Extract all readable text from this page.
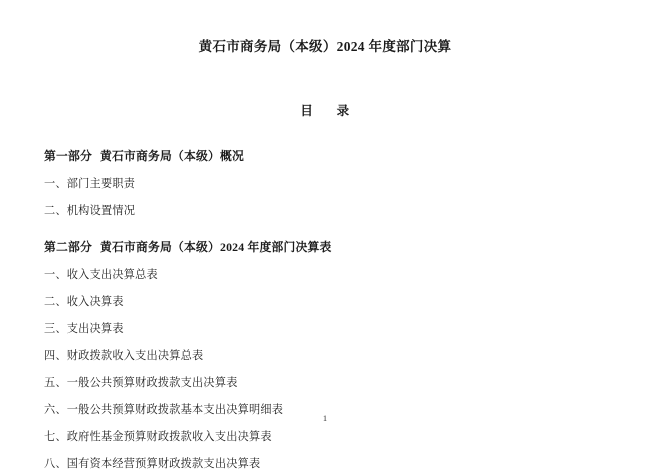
黄石市商务局（本级）2024 年度部门决算
目 录
第一部分 黄石市商务局（本级）概况
一、部门主要职责
二、机构设置情况
第二部分 黄石市商务局（本级）2024 年度部门决算表
一、收入支出决算总表
二、收入决算表
三、支出决算表
四、财政拨款收入支出决算总表
五、一般公共预算财政拨款支出决算表
六、一般公共预算财政拨款基本支出决算明细表
七、政府性基金预算财政拨款收入支出决算表
八、国有资本经营预算财政拨款支出决算表
1
